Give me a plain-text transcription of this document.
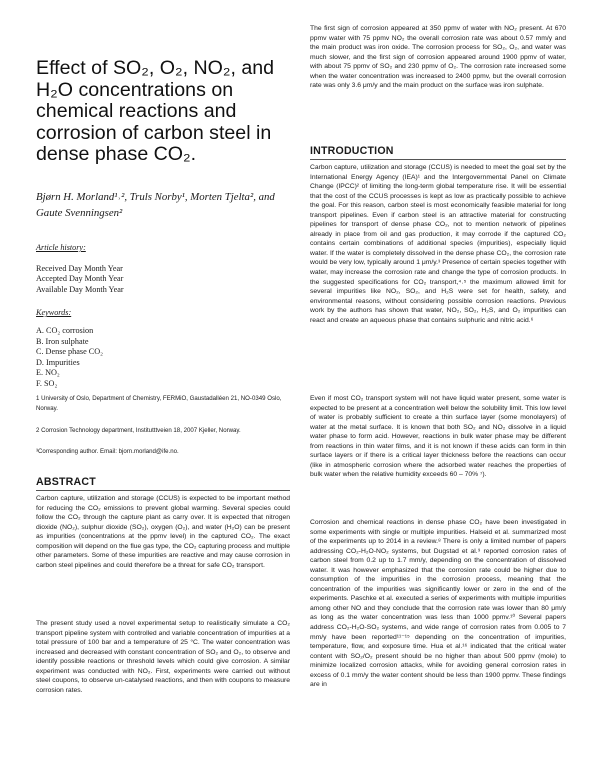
Effect of SO₂, O₂, NO₂, and H₂O concentrations on chemical reactions and corrosion of carbon steel in dense phase CO₂.
Bjørn H. Morland¹˒², Truls Norby¹, Morten Tjelta², and Gaute Svenningsen²
Article history:
Received Day Month Year
Accepted Day Month Year
Available Day Month Year
Keywords:
A. CO₂ corrosion
B. Iron sulphate
C. Dense phase CO₂
D. Impurities
E. NO₂
F. SO₂
1 University of Oslo, Department of Chemistry, FERMiO, Gaustadalléen 21, NO-0349 Oslo, Norway.
2 Corrosion Technology department, Institutttveien 18, 2007 Kjeller, Norway.
³Corresponding author. Email: bjorn.morland@ife.no.
ABSTRACT
Carbon capture, utilization and storage (CCUS) is expected to be important method for reducing the CO₂ emissions to prevent global warming. Several species could follow the CO₂ through the capture plant as carry over. It is expected that nitrogen dioxide (NO₂), sulphur dioxide (SO₂), oxygen (O₂), and water (H₂O) can be present as impurities (concentrations at the ppmv level) in the captured CO₂. The exact composition will depend on the flue gas type, the CO₂ capturing process and multiple other parameters. Some of these impurities are reactive and may cause corrosion in carbon steel pipelines and could therefore be a threat for safe CO₂ transport.
The present study used a novel experimental setup to realistically simulate a CO₂ transport pipeline system with controlled and variable concentration of impurities at a total pressure of 100 bar and a temperature of 25 °C. The water concentration was increased and decreased with constant concentration of SO₂ and O₂, to observe and identify possible reactions or threshold levels which could give corrosion. A similar experiment was conducted with NO₂. First, experiments were carried out without steel coupons, to observe un-catalysed reactions, and then with coupons to measure corrosion rates.
The first sign of corrosion appeared at 350 ppmv of water with NO₂ present. At 670 ppmv water with 75 ppmv NO₂ the overall corrosion rate was about 0.57 mm/y and the main product was iron oxide. The corrosion process for SO₂, O₂, and water was much slower, and the first sign of corrosion appeared around 1900 ppmv of water, with about 75 ppmv of SO₂ and 230 ppmv of O₂. The corrosion rate increased some when the water concentration was increased to 2400 ppmv, but the overall corrosion rate was only 3.6 μm/y and the main product on the surface was iron sulphate.
INTRODUCTION
Carbon capture, utilization and storage (CCUS) is needed to meet the goal set by the International Energy Agency (IEA)¹ and the Intergovernmental Panel on Climate Change (IPCC)² of limiting the long-term global temperature rise. It will be essential that the cost of the CCUS processes is kept as low as practically possible to achieve the goal. For this reason, carbon steel is most economically feasible material for long transport pipelines. Even if carbon steel is an attractive material for constructing pipelines for transport of dense phase CO₂, not to mention network of pipelines already in place from oil and gas production, it may corrode if the captured CO₂ contains certain combinations of additional species (impurities), especially liquid water. If the water is completely dissolved in the dense phase CO₂, the corrosion rate would be very low, typically around 1 μm/y.³ Presence of certain species together with water, may increase the corrosion rate and change the type of corrosion products. In the suggested specifications for CO₂ transport,⁴˒⁵ the maximum allowed limit for several impurities like NO₂, SO₂, and H₂S were set for health, safety, and environmental reasons, without considering possible corrosion reactions. Previous work by the authors has shown that water, NO₂, SO₂, H₂S, and O₂ impurities can react and create an aqueous phase that contains sulphuric and nitric acid.⁶
Even if most CO₂ transport system will not have liquid water present, some water is expected to be present at a concentration well below the solubility limit. This low level of water is probably sufficient to create a thin surface layer (some monolayers) of water at the metal surface. It is known that both SO₂ and NO₂ dissolve in a liquid water phase to form acid. However, reactions in bulk water phase may be different from reactions in thin water films, and it is not known if these acids can form in thin surface layers or if there is a critical layer thickness before the reactions can occur (like in atmospheric corrosion where the adsorbed water reaches the properties of bulk water when the relative humidity exceeds 60 – 70% ⁷).
Corrosion and chemical reactions in dense phase CO₂ have been investigated in some experiments with single or multiple impurities. Halseid et al. summarized most of the experiments up to 2014 in a review.⁸ There is only a limited number of papers addressing CO₂-H₂O-NO₂ systems, but Dugstad et al.⁹ reported corrosion rates of carbon steel from 0.2 up to 1.7 mm/y, depending on the concentration of dissolved water. It was however emphasized that the corrosion rate could be higher due to consumption of the impurities in the corrosion process, meaning that the concentration of the impurities was significantly lower or zero in the end of the experiments. Paschke et al. executed a series of experiments with multiple impurities among other NO and they conclude that the corrosion rate was lower than 80 μm/y as long as the water concentration was less than 1000 ppmv.¹⁰ Several papers address CO₂-H₂O-SO₂ systems, and wide range of corrosion rates from 0.005 to 7 mm/y have been reported¹¹⁻¹⁵ depending on the concentration of impurities, temperature, flow, and exposure time. Hua et al.¹⁶ indicated that the critical water content with SO₂/O₂ present should be no higher than about 500 ppmv (mole) to minimize localized corrosion attacks, while for avoiding general corrosion rates in excess of 0.1 mm/y the water content should be less than 1900 ppmv. These findings are in
